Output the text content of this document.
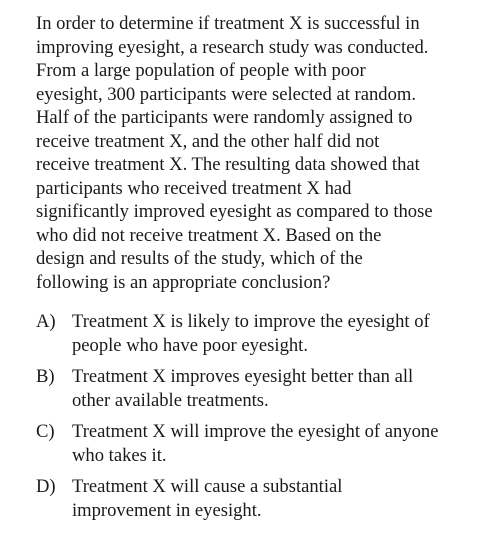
In order to determine if treatment X is successful in
improving eyesight, a research study was conducted.
From a large population of people with poor
eyesight, 300 participants were selected at random.
Half of the participants were randomly assigned to
receive treatment X, and the other half did not
receive treatment X. The resulting data showed that
participants who received treatment X had
significantly improved eyesight as compared to those
who did not receive treatment X. Based on the
design and results of the study, which of the
following is an appropriate conclusion?
A) Treatment X is likely to improve the eyesight of
people who have poor eyesight.
B) Treatment X improves eyesight better than all
other available treatments.
C) Treatment X will improve the eyesight of anyone
who takes it.
D) Treatment X will cause a substantial
improvement in eyesight.
